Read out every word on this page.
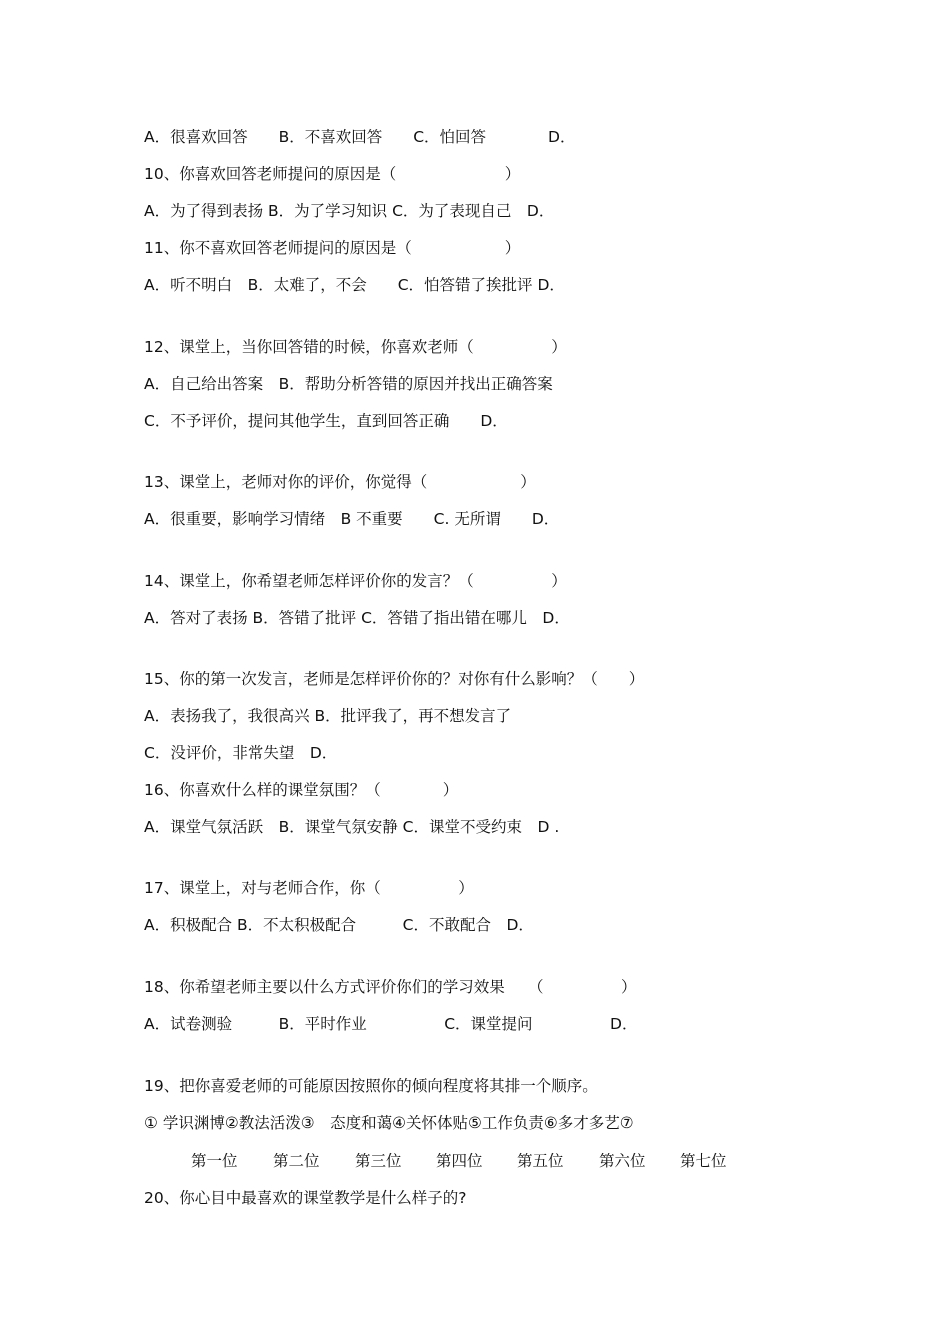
A．很喜欢回答　　B．不喜欢回答　　C．怕回答　　　　D．
10、你喜欢回答老师提问的原因是（　　　　　　　）
A．为了得到表扬 B．为了学习知识 C．为了表现自己　D．
11、你不喜欢回答老师提问的原因是（　　　　　　）
A．听不明白　B．太难了，不会　　C．怕答错了挨批评 D．
12、课堂上，当你回答错的时候，你喜欢老师（　　　　　）
A．自己给出答案　B．帮助分析答错的原因并找出正确答案
C．不予评价，提问其他学生，直到回答正确　　D．
13、课堂上，老师对你的评价，你觉得（　　　　　　）
A．很重要，影响学习情绪　B 不重要　　C. 无所谓　　D．
14、课堂上，你希望老师怎样评价你的发言？（　　　　　）
A．答对了表扬 B．答错了批评 C．答错了指出错在哪儿　D．
15、你的第一次发言，老师是怎样评价你的？对你有什么影响？（　　）
A．表扬我了，我很高兴 B．批评我了，再不想发言了
C．没评价，非常失望　D．
16、你喜欢什么样的课堂氛围？（　　　　）
A．课堂气氛活跃　B．课堂气氛安静 C．课堂不受约束　D .
17、课堂上，对与老师合作，你（　　　　　）
A．积极配合 B．不太积极配合　　　C．不敢配合　D．
18、你希望老师主要以什么方式评价你们的学习效果　　（　　　　　）
A．试卷测验　　　B．平时作业　　　　　C．课堂提问　　　　　D．
19、把你喜爱老师的可能原因按照你的倾向程度将其排一个顺序。
① 学识渊博②教法活泼③　态度和蔼④关怀体贴⑤工作负责⑥多才多艺⑦
第一位 第二位 第三位 第四位 第五位 第六位 第七位
20、你心目中最喜欢的课堂教学是什么样子的?
